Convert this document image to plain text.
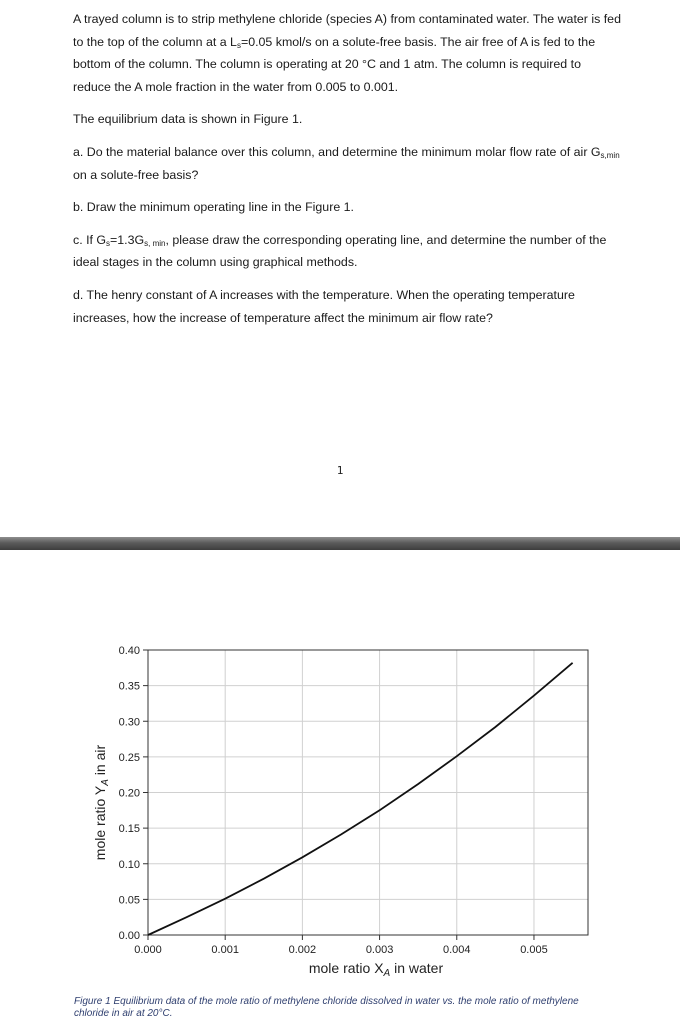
A trayed column is to strip methylene chloride (species A) from contaminated water. The water is fed to the top of the column at a $L_s=0.05$ kmol/s on a solute-free basis. The air free of A is fed to the bottom of the column. The column is operating at 20 °C and 1 atm. The column is required to reduce the A mole fraction in the water from 0.005 to 0.001.

The equilibrium data is shown in Figure 1.

a. Do the material balance over this column, and determine the minimum molar flow rate of air $G_{s,min}$ on a solute-free basis?

b. Draw the minimum operating line in the Figure 1.

c. If $G_s=1.3G_{s, min}$, please draw the corresponding operating line, and determine the number of the ideal stages in the column using graphical methods.

d. The henry constant of A increases with the temperature. When the operating temperature increases, how the increase of temperature affect the minimum air flow rate?

1
0.000	0.001	0.002	0.003	0.004	0.005
0.00
0.05
0.10
0.15
0.20
0.25
0.30
0.35
0.40
mole ratio $X_A$ in water
mole ratio $Y_A$ in air
Figure 1 Equilibrium data of the mole ratio of methylene chloride dissolved in water vs. the mole ratio of methylene chloride in air at 20°C.
